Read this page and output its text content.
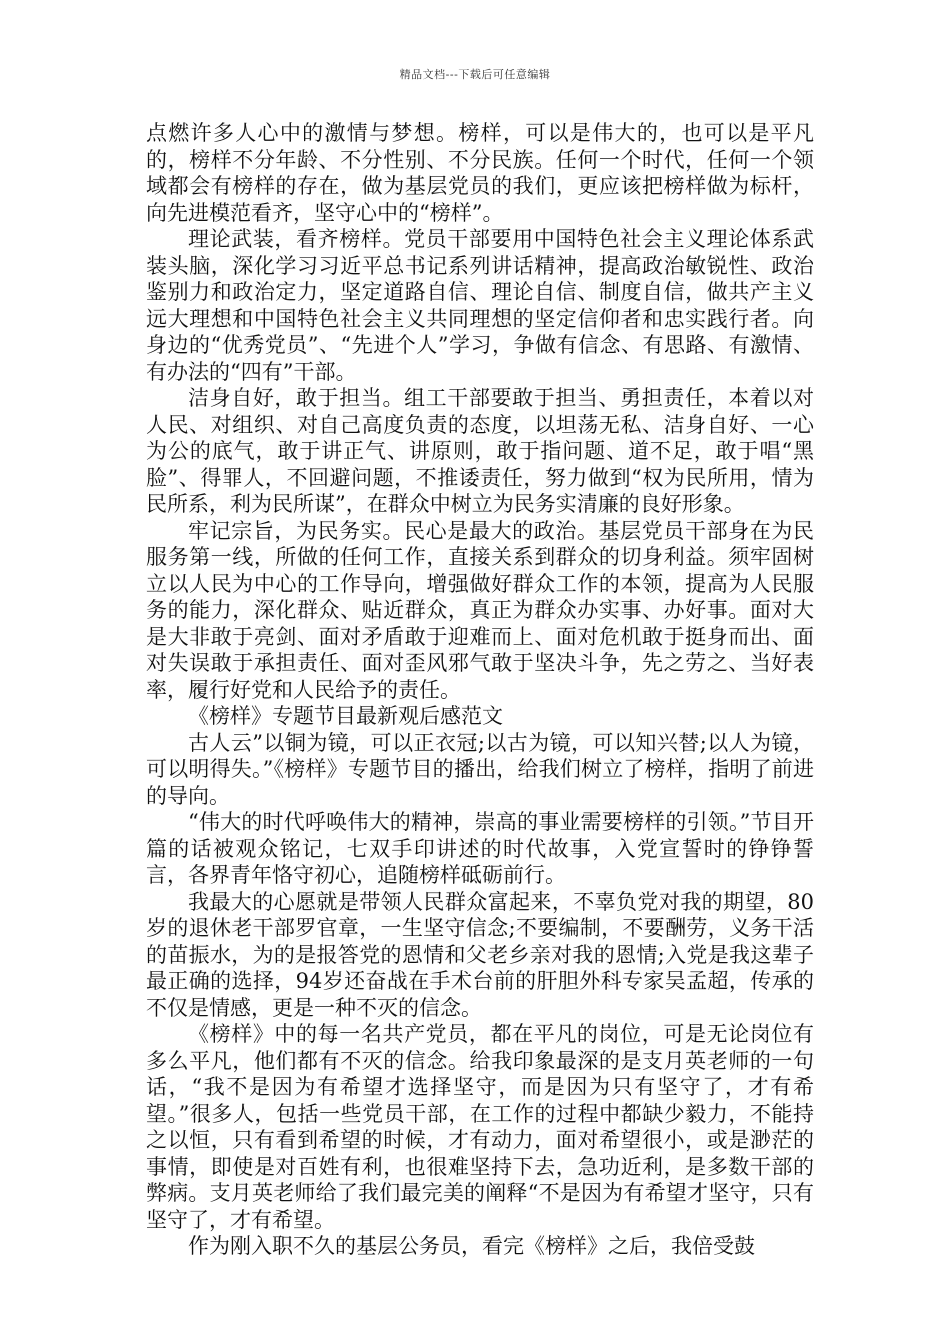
精品文档---下载后可任意编辑

点燃许多人心中的激情与梦想。榜样，可以是伟大的，也可以是平凡的，榜样不分年龄、不分性别、不分民族。任何一个时代，任何一个领域都会有榜样的存在，做为基层党员的我们，更应该把榜样做为标杆，向先进模范看齐，坚守心中的“榜样”。

理论武装，看齐榜样。党员干部要用中国特色社会主义理论体系武装头脑，深化学习习近平总书记系列讲话精神，提高政治敏锐性、政治鉴别力和政治定力，坚定道路自信、理论自信、制度自信，做共产主义远大理想和中国特色社会主义共同理想的坚定信仰者和忠实践行者。向身边的“优秀党员”、“先进个人”学习，争做有信念、有思路、有激情、有办法的“四有”干部。

洁身自好，敢于担当。组工干部要敢于担当、勇担责任，本着以对人民、对组织、对自己高度负责的态度，以坦荡无私、洁身自好、一心为公的底气，敢于讲正气、讲原则，敢于指问题、道不足，敢于唱“黑脸”、得罪人，不回避问题，不推诿责任，努力做到“权为民所用，情为民所系，利为民所谋”，在群众中树立为民务实清廉的良好形象。

牢记宗旨，为民务实。民心是最大的政治。基层党员干部身在为民服务第一线，所做的任何工作，直接关系到群众的切身利益。须牢固树立以人民为中心的工作导向，增强做好群众工作的本领，提高为人民服务的能力，深化群众、贴近群众，真正为群众办实事、办好事。面对大是大非敢于亮剑、面对矛盾敢于迎难而上、面对危机敢于挺身而出、面对失误敢于承担责任、面对歪风邪气敢于坚决斗争，先之劳之、当好表率，履行好党和人民给予的责任。

《榜样》专题节目最新观后感范文

古人云”以铜为镜，可以正衣冠;以古为镜，可以知兴替;以人为镜，可以明得失。”《榜样》专题节目的播出，给我们树立了榜样，指明了前进的导向。

“伟大的时代呼唤伟大的精神，崇高的事业需要榜样的引领。”节目开篇的话被观众铭记，七双手印讲述的时代故事，入党宣誓时的铮铮誓言，各界青年恪守初心，追随榜样砥砺前行。

我最大的心愿就是带领人民群众富起来，不辜负党对我的期望，80岁的退休老干部罗官章，一生坚守信念;不要编制，不要酬劳，义务干活的苗振水，为的是报答党的恩情和父老乡亲对我的恩情;入党是我这辈子最正确的选择，94岁还奋战在手术台前的肝胆外科专家吴孟超，传承的不仅是情感，更是一种不灭的信念。

《榜样》中的每一名共产党员，都在平凡的岗位，可是无论岗位有多么平凡，他们都有不灭的信念。给我印象最深的是支月英老师的一句话，“我不是因为有希望才选择坚守，而是因为只有坚守了，才有希望。”很多人，包括一些党员干部，在工作的过程中都缺少毅力，不能持之以恒，只有看到希望的时候，才有动力，面对希望很小，或是渺茫的事情，即使是对百姓有利，也很难坚持下去，急功近利，是多数干部的弊病。支月英老师给了我们最完美的阐释“不是因为有希望才坚守，只有坚守了，才有希望。

作为刚入职不久的基层公务员，看完《榜样》之后，我倍受鼓
